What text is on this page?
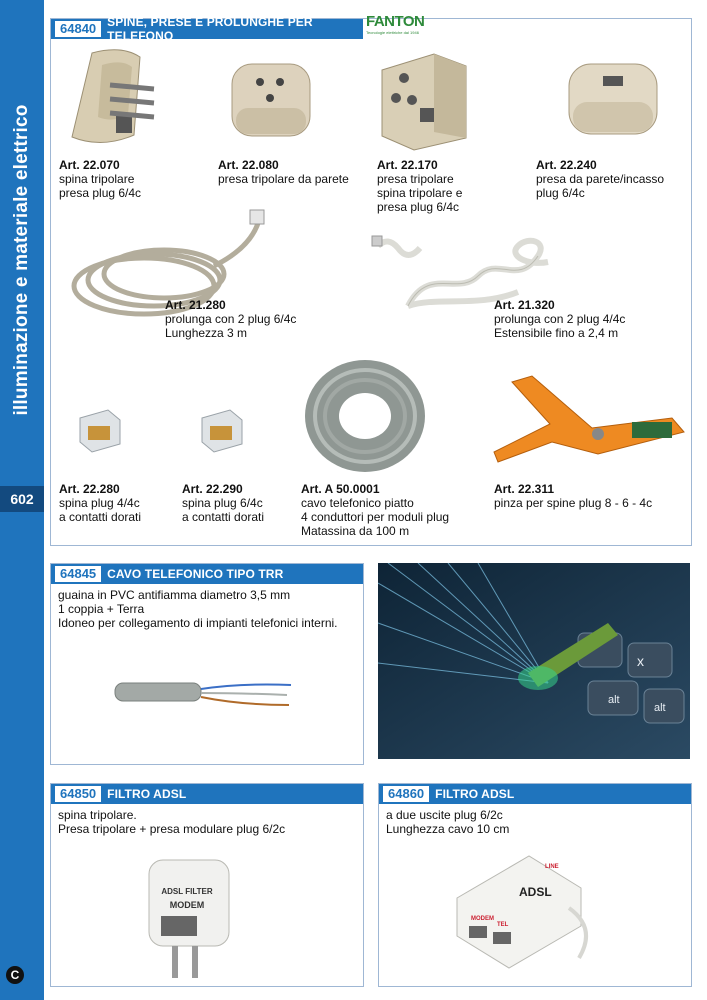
illuminazione e materiale elettrico
602
C
64840 SPINE, PRESE E PROLUNGHE PER TELEFONO
FANTON
Tecnologie elettriche dal 1946
Art. 22.070
spina tripolare
presa plug 6/4c
Art. 22.080
presa tripolare da parete
Art. 22.170
presa tripolare
spina tripolare e
presa plug 6/4c
Art. 22.240
presa da parete/incasso
plug 6/4c
Art. 21.280
prolunga con 2 plug 6/4c
Lunghezza 3 m
Art. 21.320
prolunga con 2 plug 4/4c
Estensibile fino a 2,4 m
Art. 22.280
spina plug 4/4c
a contatti dorati
Art. 22.290
spina plug 6/4c
a contatti dorati
Art. A 50.0001
cavo telefonico piatto
4 conduttori per moduli plug
Matassina da 100 m
Art. 22.311
pinza per spine plug 8 - 6 - 4c
64845 CAVO TELEFONICO TIPO TRR
guaina in PVC antifiamma diametro 3,5 mm
1 coppia + Terra
Idoneo per collegamento di impianti telefonici interni.
x
alt
alt
64850 FILTRO ADSL
spina tripolare.
Presa tripolare + presa modulare plug 6/2c
ADSL FILTER
MODEM
64860 FILTRO ADSL
a due uscite plug 6/2c
Lunghezza cavo 10 cm
ADSL
LINE
MODEM
TEL
